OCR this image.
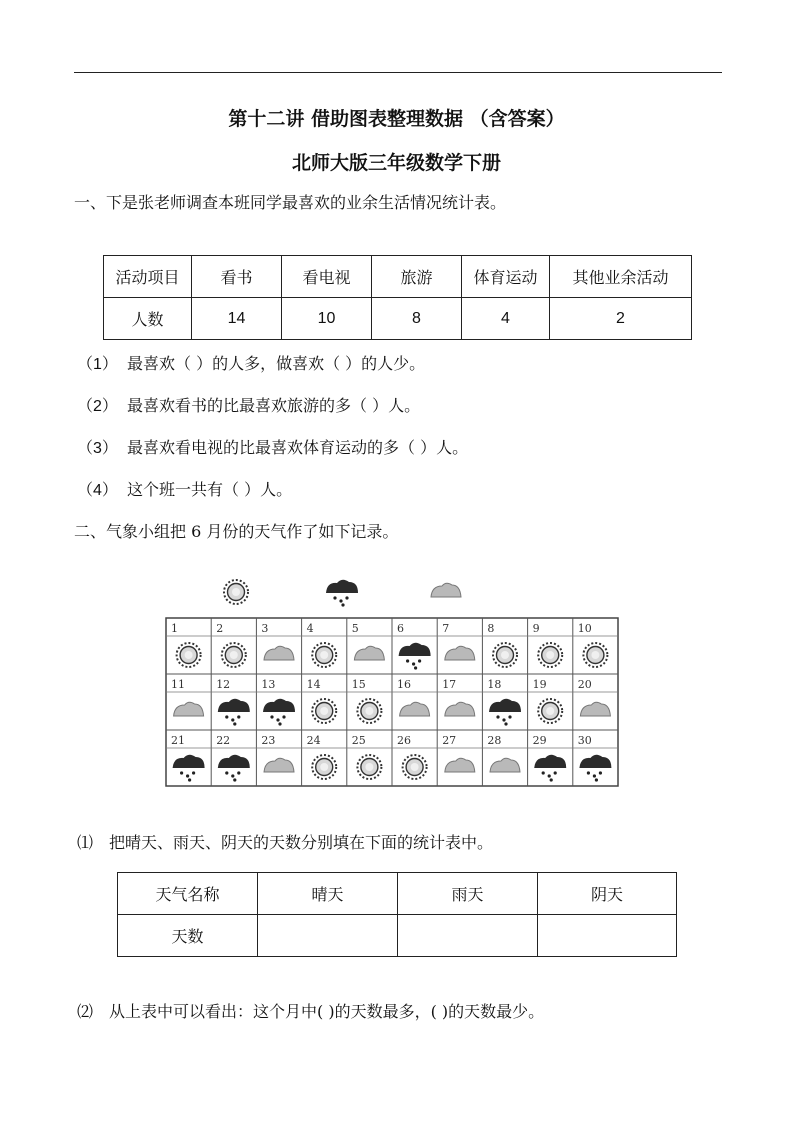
第十二讲 借助图表整理数据 （含答案）
北师大版三年级数学下册
一、下是张老师调查本班同学最喜欢的业余生活情况统计表。
活动项目	看书	看电视	旅游	体育运动	其他业余活动
人数	14	10	8	4	2
（1） 最喜欢（ ）的人多，做喜欢（ ）的人少。
（2） 最喜欢看书的比最喜欢旅游的多（ ）人。
（3） 最喜欢看电视的比最喜欢体育运动的多（ ）人。
（4） 这个班一共有（ ）人。
二、气象小组把 6 月份的天气作了如下记录。
1	2	3	4	5	6	7	8	9	10
11	12	13	14	15	16	17	18	19	20
21	22	23	24	25	26	27	28	29	30
⑴ 把晴天、雨天、阴天的天数分别填在下面的统计表中。
天气名称	晴天	雨天	阴天
天数			
⑵ 从上表中可以看出：这个月中( )的天数最多，( )的天数最少。
